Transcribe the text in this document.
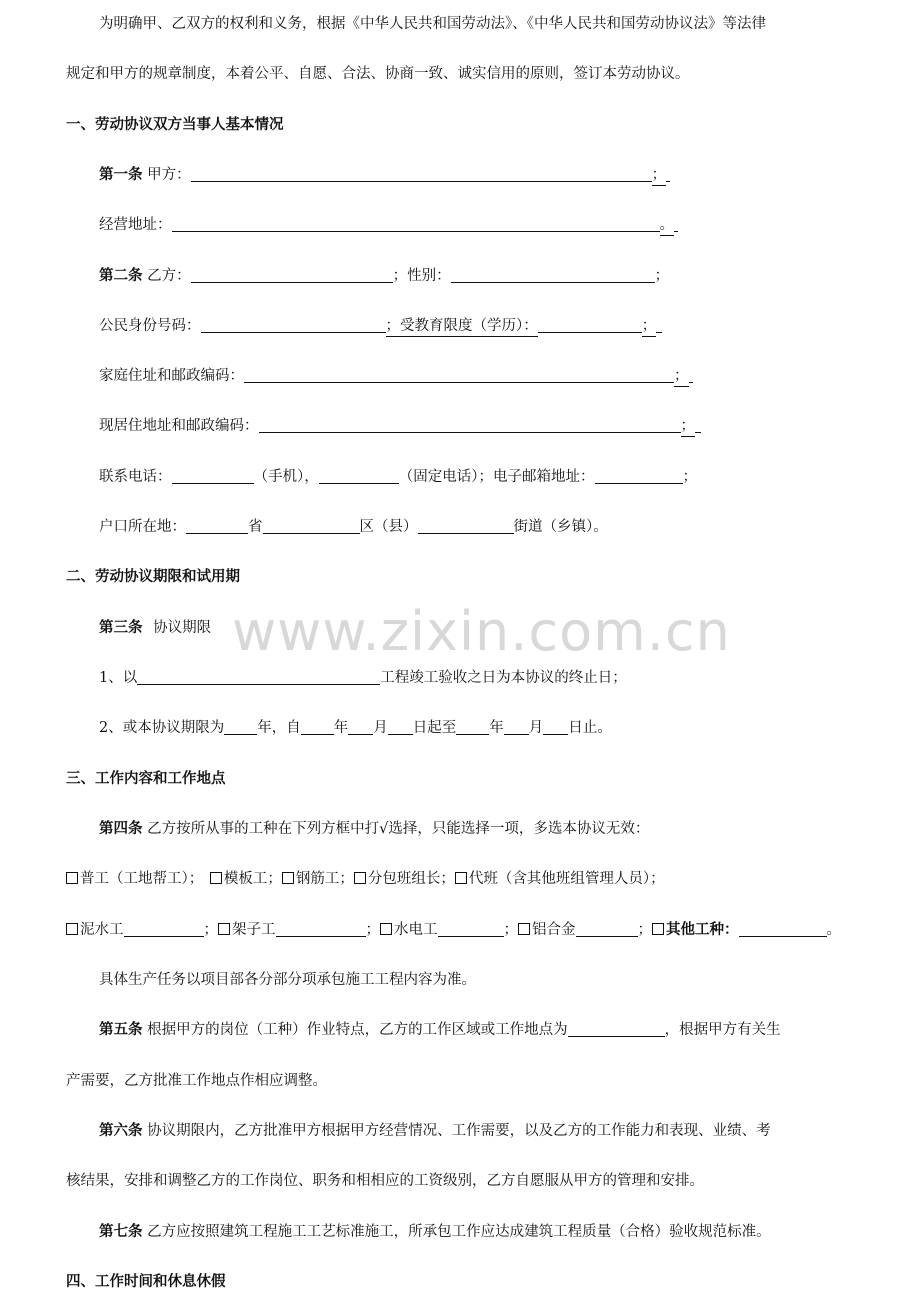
www.zixin.com.cn
为明确甲、乙双方的权利和义务，根据《中华人民共和国劳动法》、《中华人民共和国劳动协议法》等法律
规定和甲方的规章制度，本着公平、自愿、合法、协商一致、诚实信用的原则，签订本劳动协议。
一、劳动协议双方当事人基本情况
第一条 甲方：	；
经营地址：	。
第二条 乙方：	；性别：	；
公民身份号码：	；受教育限度（学历）：	；
家庭住址和邮政编码：	；
现居住地址和邮政编码：	；
联系电话：	（手机），	（固定电话）；电子邮箱地址：	；
户口所在地：	省	区（县）	街道（乡镇）。
二、劳动协议期限和试用期
第三条 协议期限
1、以	工程竣工验收之日为本协议的终止日；
2、或本协议期限为 年，自 年 月 日起至 年 月 日止。
三、工作内容和工作地点
第四条 乙方按所从事的工种在下列方框中打√选择，只能选择一项，多选本协议无效：
普工（工地帮工）； 模板工； 钢筋工； 分包班组长； 代班（含其他班组管理人员）；
泥水工	； 架子工	； 水电工	； 铝合金	； 其他工种：	。
具体生产任务以项目部各分部分项承包施工工程内容为准。
第五条 根据甲方的岗位（工种）作业特点，乙方的工作区域或工作地点为	，根据甲方有关生
产需要，乙方批准工作地点作相应调整。
第六条 协议期限内，乙方批准甲方根据甲方经营情况、工作需要，以及乙方的工作能力和表现、业绩、考
核结果，安排和调整乙方的工作岗位、职务和相相应的工资级别，乙方自愿服从甲方的管理和安排。
第七条 乙方应按照建筑工程施工工艺标准施工，所承包工作应达成建筑工程质量（合格）验收规范标准。
四、工作时间和休息休假
